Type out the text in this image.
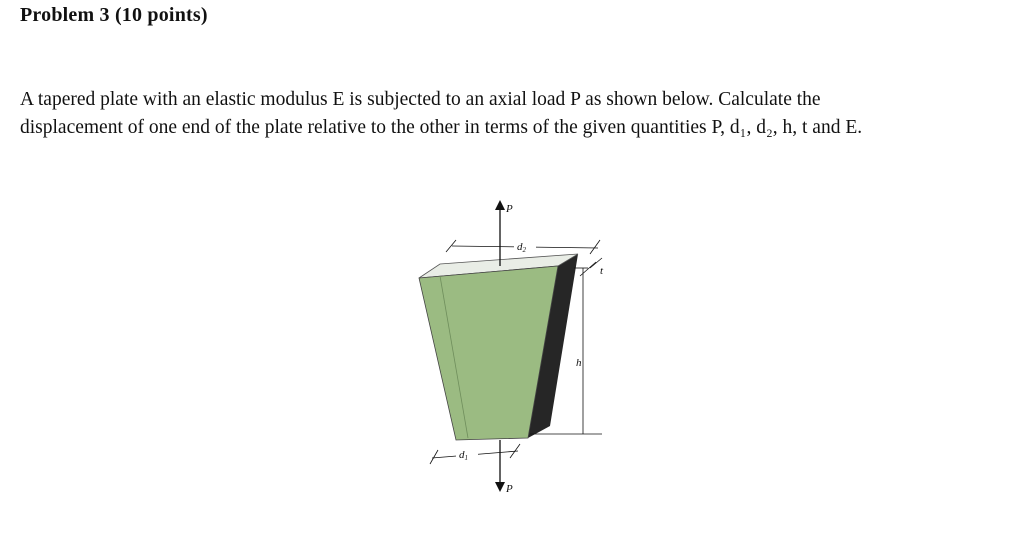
Problem 3 (10 points)

A tapered plate with an elastic modulus E is subjected to an axial load P as shown below. Calculate the

displacement of one end of the plate relative to the other in terms of the given quantities P, d₁, d₂, h, t and E.

P
d2
t
h
d1
P
